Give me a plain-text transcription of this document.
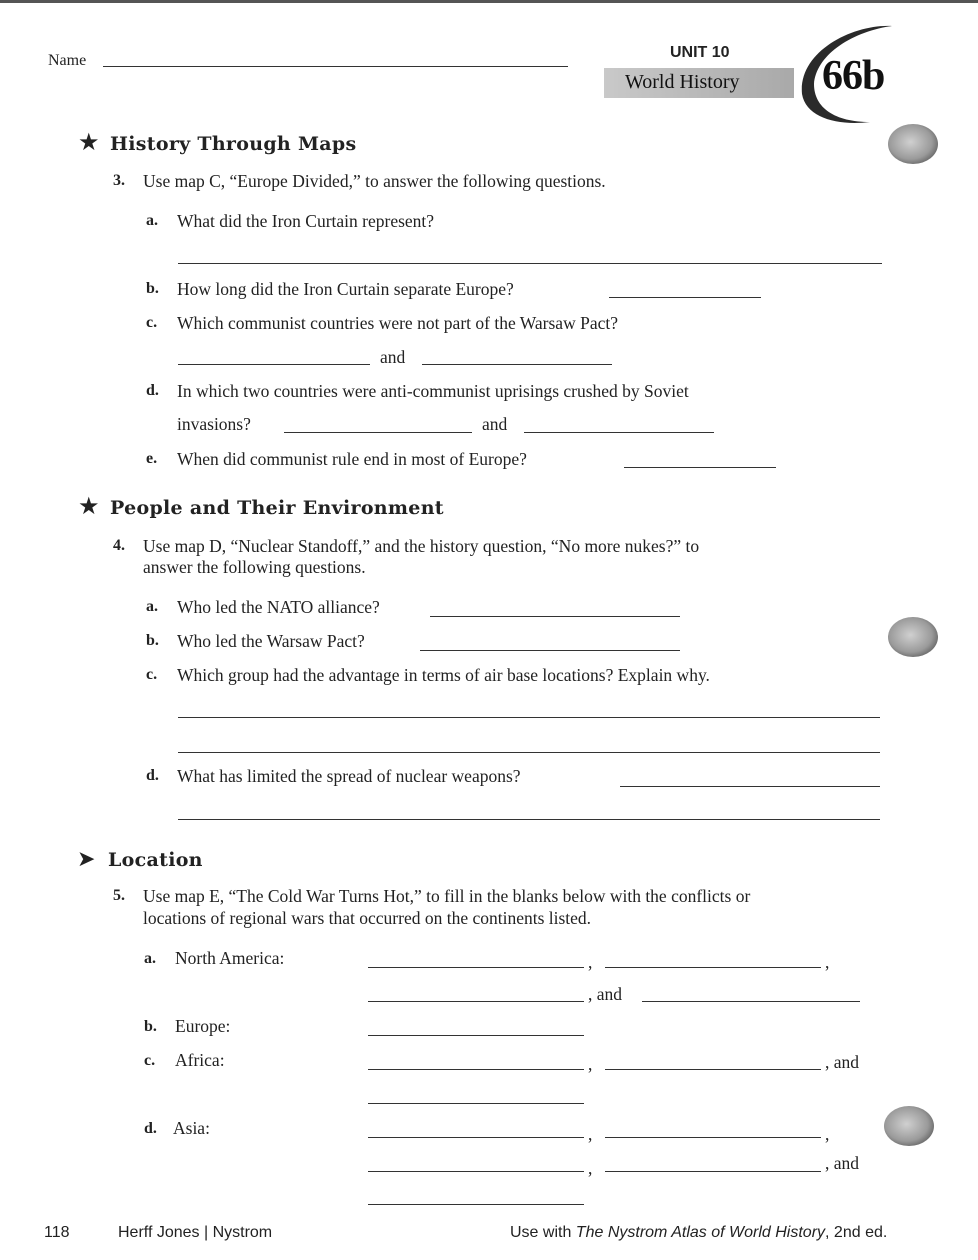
Name	UNIT 10
World History 66b
★ History Through Maps
3. Use map C, “Europe Divided,” to answer the following questions.
a. What did the Iron Curtain represent?
b. How long did the Iron Curtain separate Europe?
c. Which communist countries were not part of the Warsaw Pact?
and
d. In which two countries were anti-communist uprisings crushed by Soviet
invasions?	and
e. When did communist rule end in most of Europe?
★ People and Their Environment
4. Use map D, “Nuclear Standoff,” and the history question, “No more nukes?” to
answer the following questions.
a. Who led the NATO alliance?
b. Who led the Warsaw Pact?
c. Which group had the advantage in terms of air base locations? Explain why.
d. What has limited the spread of nuclear weapons?
➤ Location
5. Use map E, “The Cold War Turns Hot,” to fill in the blanks below with the conflicts or
locations of regional wars that occurred on the continents listed.
a. North America:	,	,
, and
b. Europe:
c. Africa:	,	, and
d. Asia:	,	,
,	, and
118	Herff Jones | Nystrom	Use with The Nystrom Atlas of World History, 2nd ed.
